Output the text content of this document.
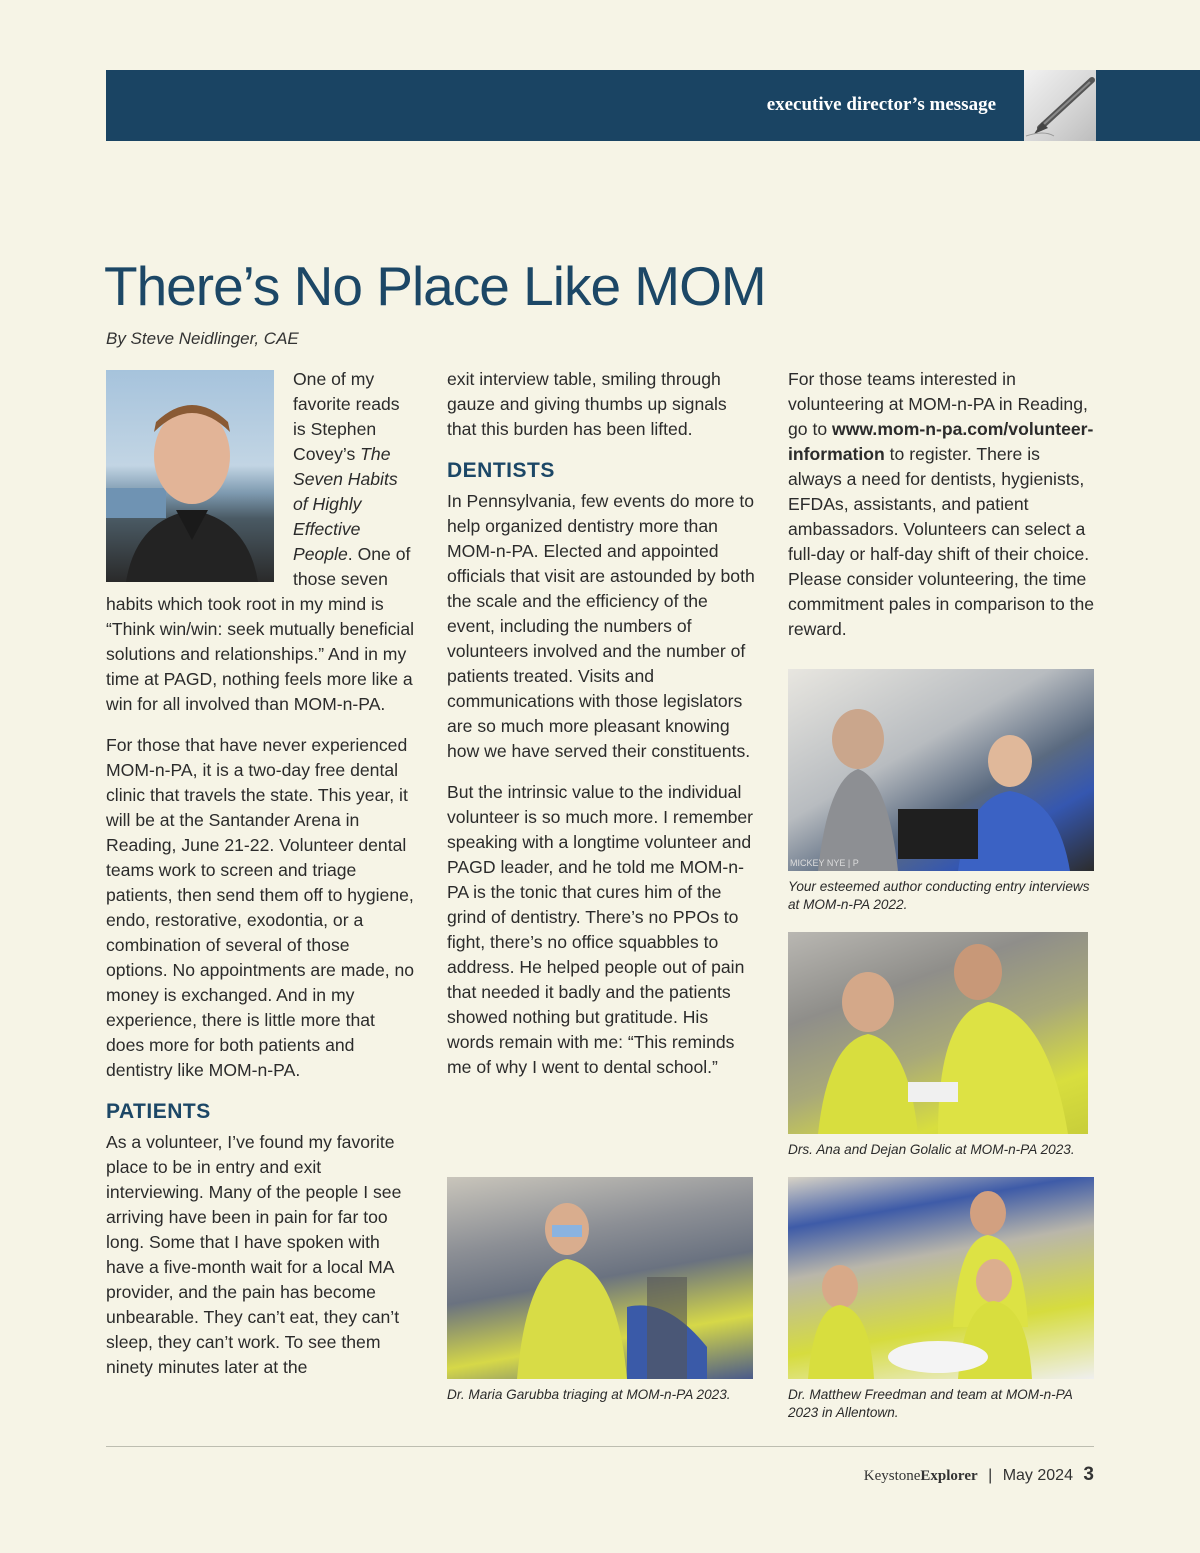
executive director’s message
There’s No Place Like MOM
By Steve Neidlinger, CAE

One of my favorite reads is Stephen Covey’s The Seven Habits of Highly Effective People. One of those seven habits which took root in my mind is “Think win/win: seek mutually beneficial solutions and relationships.” And in my time at PAGD, nothing feels more like a win for all involved than MOM-n-PA.

For those that have never experienced MOM-n-PA, it is a two-day free dental clinic that travels the state. This year, it will be at the Santander Arena in Reading, June 21-22. Volunteer dental teams work to screen and triage patients, then send them off to hygiene, endo, restorative, exodontia, or a combination of several of those options. No appointments are made, no money is exchanged. And in my experience, there is little more that does more for both patients and dentistry like MOM-n-PA.

PATIENTS

As a volunteer, I’ve found my favorite place to be in entry and exit interviewing. Many of the people I see arriving have been in pain for far too long. Some that I have spoken with have a five-month wait for a local MA provider, and the pain has become unbearable. They can’t eat, they can’t sleep, they can’t work. To see them ninety minutes later at the

exit interview table, smiling through gauze and giving thumbs up signals that this burden has been lifted.

DENTISTS

In Pennsylvania, few events do more to help organized dentistry more than MOM-n-PA. Elected and appointed officials that visit are astounded by both the scale and the efficiency of the event, including the numbers of volunteers involved and the number of patients treated. Visits and communications with those legislators are so much more pleasant knowing how we have served their constituents.

But the intrinsic value to the individual volunteer is so much more. I remember speaking with a longtime volunteer and PAGD leader, and he told me MOM-n-PA is the tonic that cures him of the grind of dentistry. There’s no PPOs to fight, there’s no office squabbles to address. He helped people out of pain that needed it badly and the patients showed nothing but gratitude. His words remain with me: “This reminds me of why I went to dental school.”

For those teams interested in volunteering at MOM-n-PA in Reading, go to www.mom-n-pa.com/volunteer-information to register. There is always a need for dentists, hygienists, EFDAs, assistants, and patient ambassadors. Volunteers can select a full-day or half-day shift of their choice. Please consider volunteering, the time commitment pales in comparison to the reward.

MICKEY NYE | P
Your esteemed author conducting entry interviews at MOM-n-PA 2022.
Drs. Ana and Dejan Golalic at MOM-n-PA 2023.
Dr. Maria Garubba triaging at MOM-n-PA 2023.	Dr. Matthew Freedman and team at MOM-n-PA 2023 in Allentown.
KeystoneExplorer | May 2024 3
